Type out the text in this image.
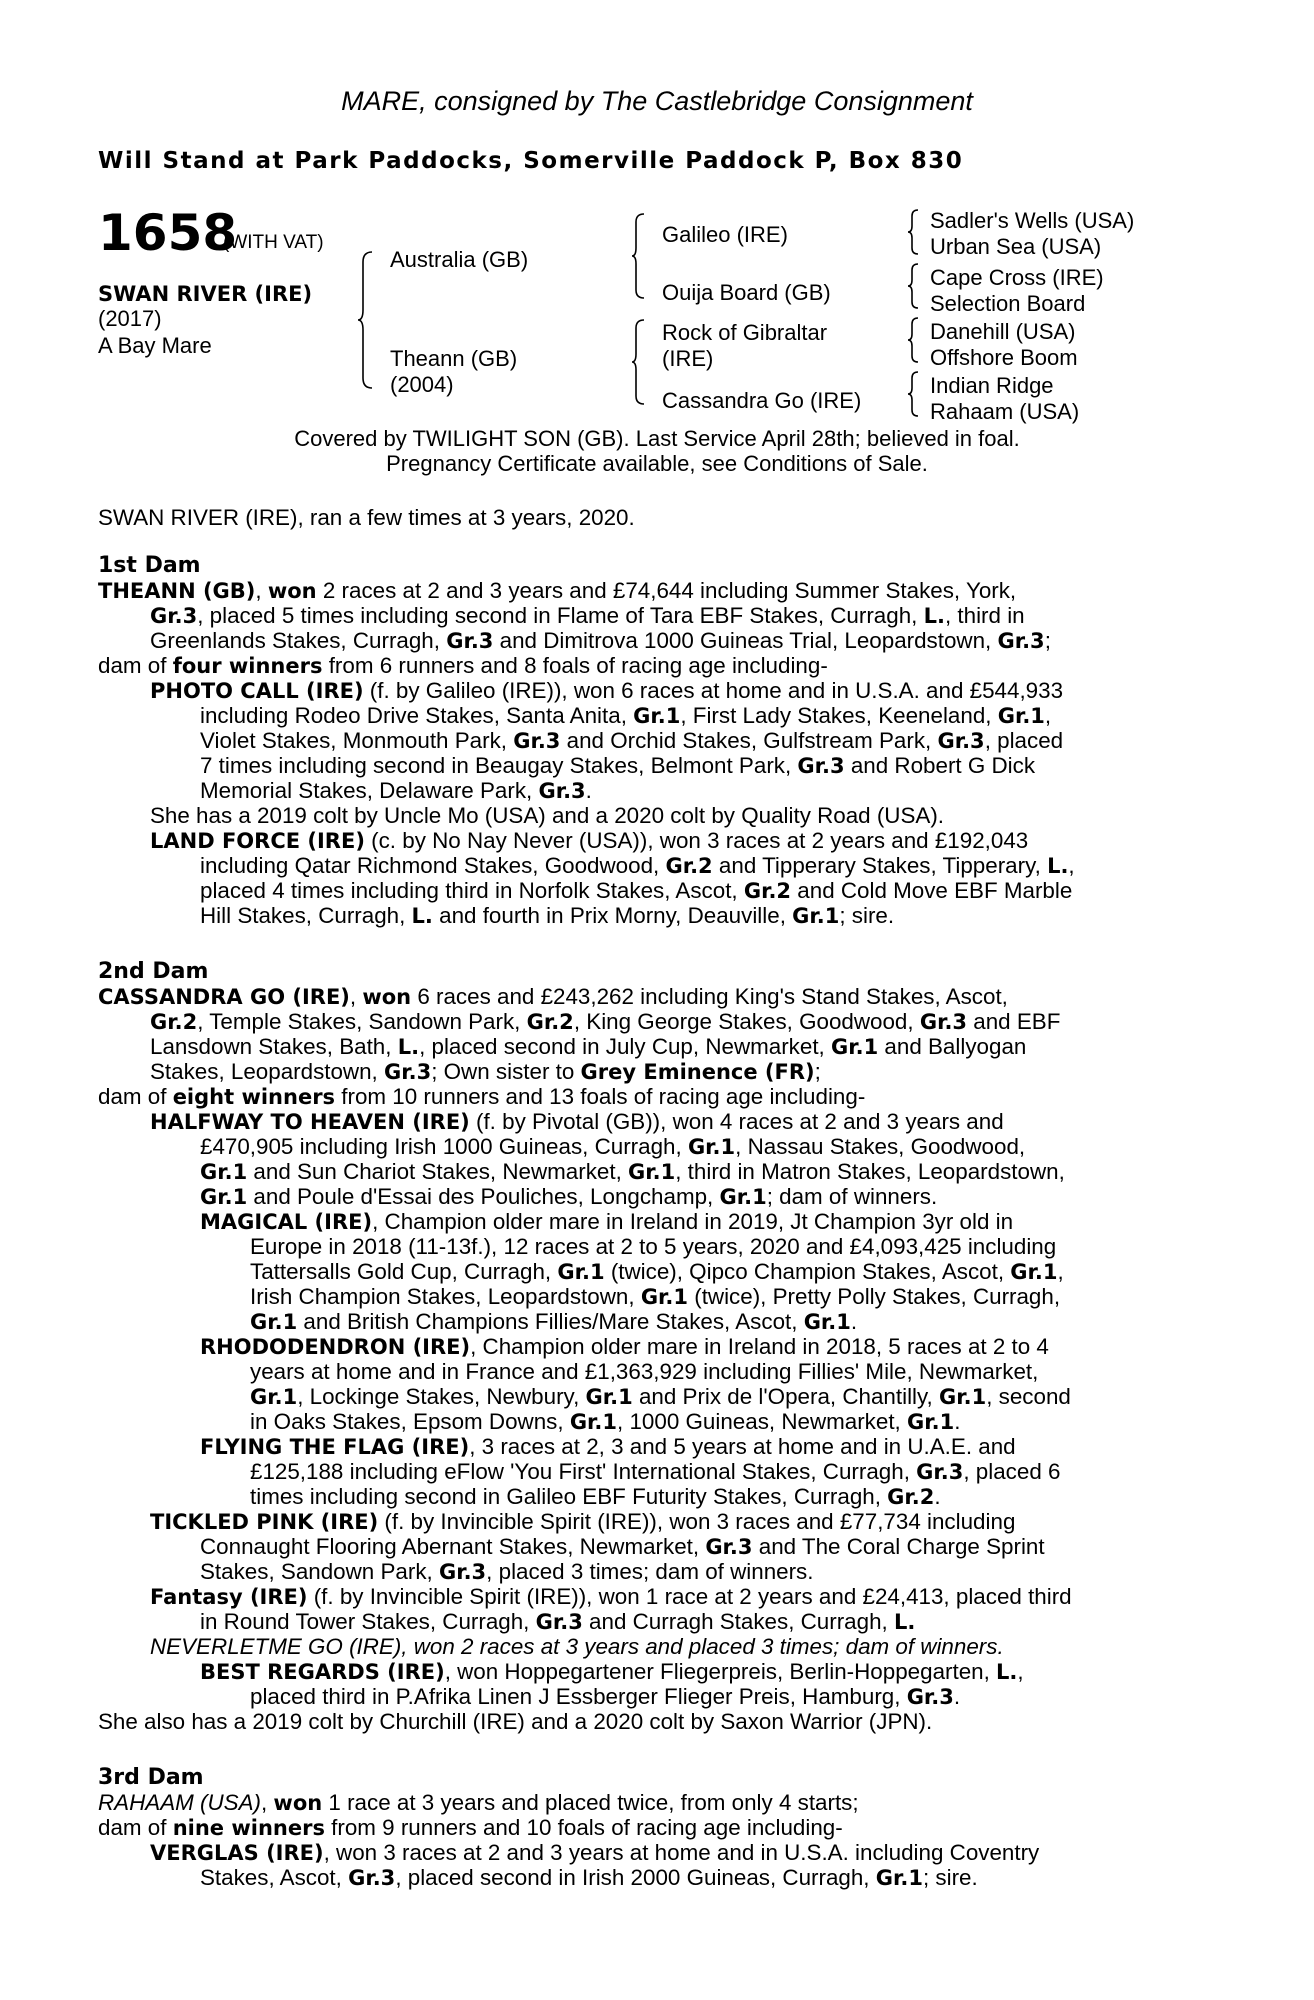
MARE, consigned by The Castlebridge Consignment
Will Stand at Park Paddocks, Somerville Paddock P, Box 830
1658
(WITH VAT)
SWAN RIVER (IRE)
(2017)
A Bay Mare
Australia (GB)
Theann (GB)
(2004)
Galileo (IRE)
Ouija Board (GB)
Rock of Gibraltar
(IRE)
Cassandra Go (IRE)
Sadler's Wells (USA)
Urban Sea (USA)
Cape Cross (IRE)
Selection Board
Danehill (USA)
Offshore Boom
Indian Ridge
Rahaam (USA)
Covered by TWILIGHT SON (GB). Last Service April 28th; believed in foal.
Pregnancy Certificate available, see Conditions of Sale.
SWAN RIVER (IRE), ran a few times at 3 years, 2020.
1st Dam
THEANN (GB), won 2 races at 2 and 3 years and £74,644 including Summer Stakes, York,
Gr.3, placed 5 times including second in Flame of Tara EBF Stakes, Curragh, L., third in
Greenlands Stakes, Curragh, Gr.3 and Dimitrova 1000 Guineas Trial, Leopardstown, Gr.3;
dam of four winners from 6 runners and 8 foals of racing age including-
PHOTO CALL (IRE) (f. by Galileo (IRE)), won 6 races at home and in U.S.A. and £544,933
including Rodeo Drive Stakes, Santa Anita, Gr.1, First Lady Stakes, Keeneland, Gr.1,
Violet Stakes, Monmouth Park, Gr.3 and Orchid Stakes, Gulfstream Park, Gr.3, placed
7 times including second in Beaugay Stakes, Belmont Park, Gr.3 and Robert G Dick
Memorial Stakes, Delaware Park, Gr.3.
She has a 2019 colt by Uncle Mo (USA) and a 2020 colt by Quality Road (USA).
LAND FORCE (IRE) (c. by No Nay Never (USA)), won 3 races at 2 years and £192,043
including Qatar Richmond Stakes, Goodwood, Gr.2 and Tipperary Stakes, Tipperary, L.,
placed 4 times including third in Norfolk Stakes, Ascot, Gr.2 and Cold Move EBF Marble
Hill Stakes, Curragh, L. and fourth in Prix Morny, Deauville, Gr.1; sire.
2nd Dam
CASSANDRA GO (IRE), won 6 races and £243,262 including King's Stand Stakes, Ascot,
Gr.2, Temple Stakes, Sandown Park, Gr.2, King George Stakes, Goodwood, Gr.3 and EBF
Lansdown Stakes, Bath, L., placed second in July Cup, Newmarket, Gr.1 and Ballyogan
Stakes, Leopardstown, Gr.3; Own sister to Grey Eminence (FR);
dam of eight winners from 10 runners and 13 foals of racing age including-
HALFWAY TO HEAVEN (IRE) (f. by Pivotal (GB)), won 4 races at 2 and 3 years and
£470,905 including Irish 1000 Guineas, Curragh, Gr.1, Nassau Stakes, Goodwood,
Gr.1 and Sun Chariot Stakes, Newmarket, Gr.1, third in Matron Stakes, Leopardstown,
Gr.1 and Poule d'Essai des Pouliches, Longchamp, Gr.1; dam of winners.
MAGICAL (IRE), Champion older mare in Ireland in 2019, Jt Champion 3yr old in
Europe in 2018 (11-13f.), 12 races at 2 to 5 years, 2020 and £4,093,425 including
Tattersalls Gold Cup, Curragh, Gr.1 (twice), Qipco Champion Stakes, Ascot, Gr.1,
Irish Champion Stakes, Leopardstown, Gr.1 (twice), Pretty Polly Stakes, Curragh,
Gr.1 and British Champions Fillies/Mare Stakes, Ascot, Gr.1.
RHODODENDRON (IRE), Champion older mare in Ireland in 2018, 5 races at 2 to 4
years at home and in France and £1,363,929 including Fillies' Mile, Newmarket,
Gr.1, Lockinge Stakes, Newbury, Gr.1 and Prix de l'Opera, Chantilly, Gr.1, second
in Oaks Stakes, Epsom Downs, Gr.1, 1000 Guineas, Newmarket, Gr.1.
FLYING THE FLAG (IRE), 3 races at 2, 3 and 5 years at home and in U.A.E. and
£125,188 including eFlow 'You First' International Stakes, Curragh, Gr.3, placed 6
times including second in Galileo EBF Futurity Stakes, Curragh, Gr.2.
TICKLED PINK (IRE) (f. by Invincible Spirit (IRE)), won 3 races and £77,734 including
Connaught Flooring Abernant Stakes, Newmarket, Gr.3 and The Coral Charge Sprint
Stakes, Sandown Park, Gr.3, placed 3 times; dam of winners.
Fantasy (IRE) (f. by Invincible Spirit (IRE)), won 1 race at 2 years and £24,413, placed third
in Round Tower Stakes, Curragh, Gr.3 and Curragh Stakes, Curragh, L.
NEVERLETME GO (IRE), won 2 races at 3 years and placed 3 times; dam of winners.
BEST REGARDS (IRE), won Hoppegartener Fliegerpreis, Berlin-Hoppegarten, L.,
placed third in P.Afrika Linen J Essberger Flieger Preis, Hamburg, Gr.3.
She also has a 2019 colt by Churchill (IRE) and a 2020 colt by Saxon Warrior (JPN).
3rd Dam
RAHAAM (USA), won 1 race at 3 years and placed twice, from only 4 starts;
dam of nine winners from 9 runners and 10 foals of racing age including-
VERGLAS (IRE), won 3 races at 2 and 3 years at home and in U.S.A. including Coventry
Stakes, Ascot, Gr.3, placed second in Irish 2000 Guineas, Curragh, Gr.1; sire.
